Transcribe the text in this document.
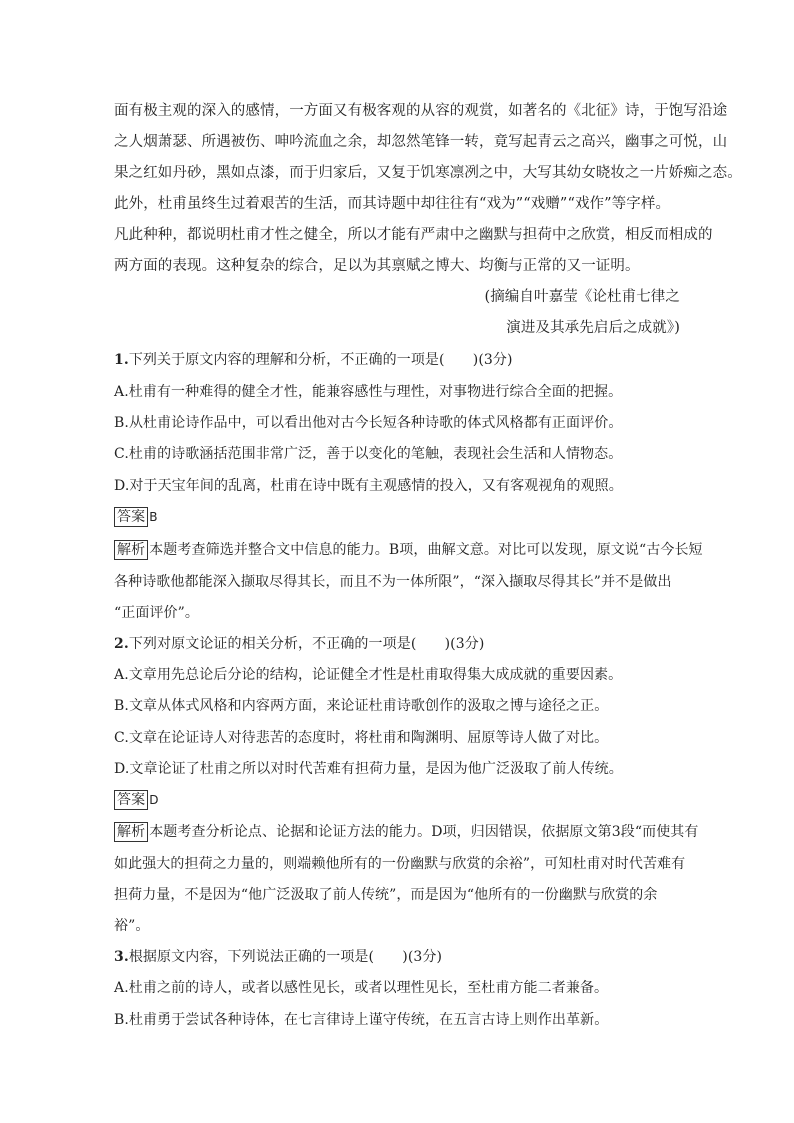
面有极主观的深入的感情，一方面又有极客观的从容的观赏，如著名的《北征》诗，于饱写沿途
之人烟萧瑟、所遇被伤、呻吟流血之余，却忽然笔锋一转，竟写起青云之高兴，幽事之可悦，山
果之红如丹砂，黑如点漆，而于归家后，又复于饥寒凛冽之中，大写其幼女晓妆之一片娇痴之态。
此外，杜甫虽终生过着艰苦的生活，而其诗题中却往往有“戏为”“戏赠”“戏作”等字样。
凡此种种，都说明杜甫才性之健全，所以才能有严肃中之幽默与担荷中之欣赏，相反而相成的
两方面的表现。这种复杂的综合，足以为其禀赋之博大、均衡与正常的又一证明。
(摘编自叶嘉莹《论杜甫七律之
演进及其承先启后之成就》)
1.下列关于原文内容的理解和分析，不正确的一项是(　　)(3分)
A.杜甫有一种难得的健全才性，能兼容感性与理性，对事物进行综合全面的把握。
B.从杜甫论诗作品中，可以看出他对古今长短各种诗歌的体式风格都有正面评价。
C.杜甫的诗歌涵括范围非常广泛，善于以变化的笔触，表现社会生活和人情物态。
D.对于天宝年间的乱离，杜甫在诗中既有主观感情的投入，又有客观视角的观照。
答案 B
解析 本题考查筛选并整合文中信息的能力。B项，曲解文意。对比可以发现，原文说“古今长短
各种诗歌他都能深入撷取尽得其长，而且不为一体所限”，“深入撷取尽得其长”并不是做出
“正面评价”。
2.下列对原文论证的相关分析，不正确的一项是(　　)(3分)
A.文章用先总论后分论的结构，论证健全才性是杜甫取得集大成成就的重要因素。
B.文章从体式风格和内容两方面，来论证杜甫诗歌创作的汲取之博与途径之正。
C.文章在论证诗人对待悲苦的态度时，将杜甫和陶渊明、屈原等诗人做了对比。
D.文章论证了杜甫之所以对时代苦难有担荷力量，是因为他广泛汲取了前人传统。
答案 D
解析 本题考查分析论点、论据和论证方法的能力。D项，归因错误，依据原文第3段“而使其有
如此强大的担荷之力量的，则端赖他所有的一份幽默与欣赏的余裕”，可知杜甫对时代苦难有
担荷力量，不是因为“他广泛汲取了前人传统”，而是因为“他所有的一份幽默与欣赏的余
裕”。
3.根据原文内容，下列说法正确的一项是(　　)(3分)
A.杜甫之前的诗人，或者以感性见长，或者以理性见长，至杜甫方能二者兼备。
B.杜甫勇于尝试各种诗体，在七言律诗上谨守传统，在五言古诗上则作出革新。
